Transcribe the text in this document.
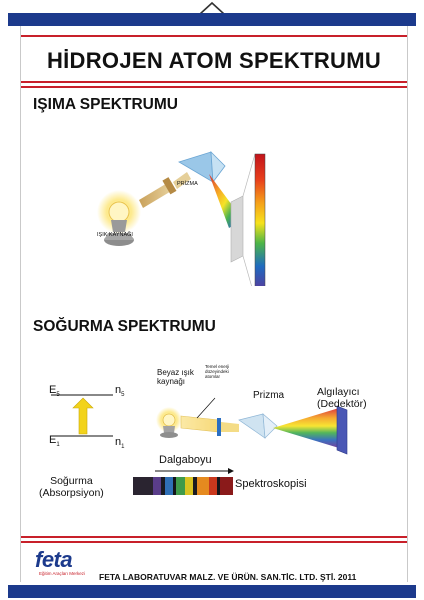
HİDROJEN ATOM SPEKTRUMU
IŞIMA SPEKTRUMU
PRİZMA
IŞIK KAYNAĞI
SOĞURMA SPEKTRUMU
$E_5$	$n_5$
$E_1$	$n_1$
Beyaz ışık
kaynağı
Temel enerji
düzeyindeki
atomlar
Prizma	Algılayıcı
(Dedektör)
Dalgaboyu
Soğurma
(Absorpsiyon)
Spektroskopisi
feta
Eğitim Araçları Merkezi FETA LABORATUVAR MALZ. VE ÜRÜN. SAN.TİC. LTD. ŞTİ. 2011
